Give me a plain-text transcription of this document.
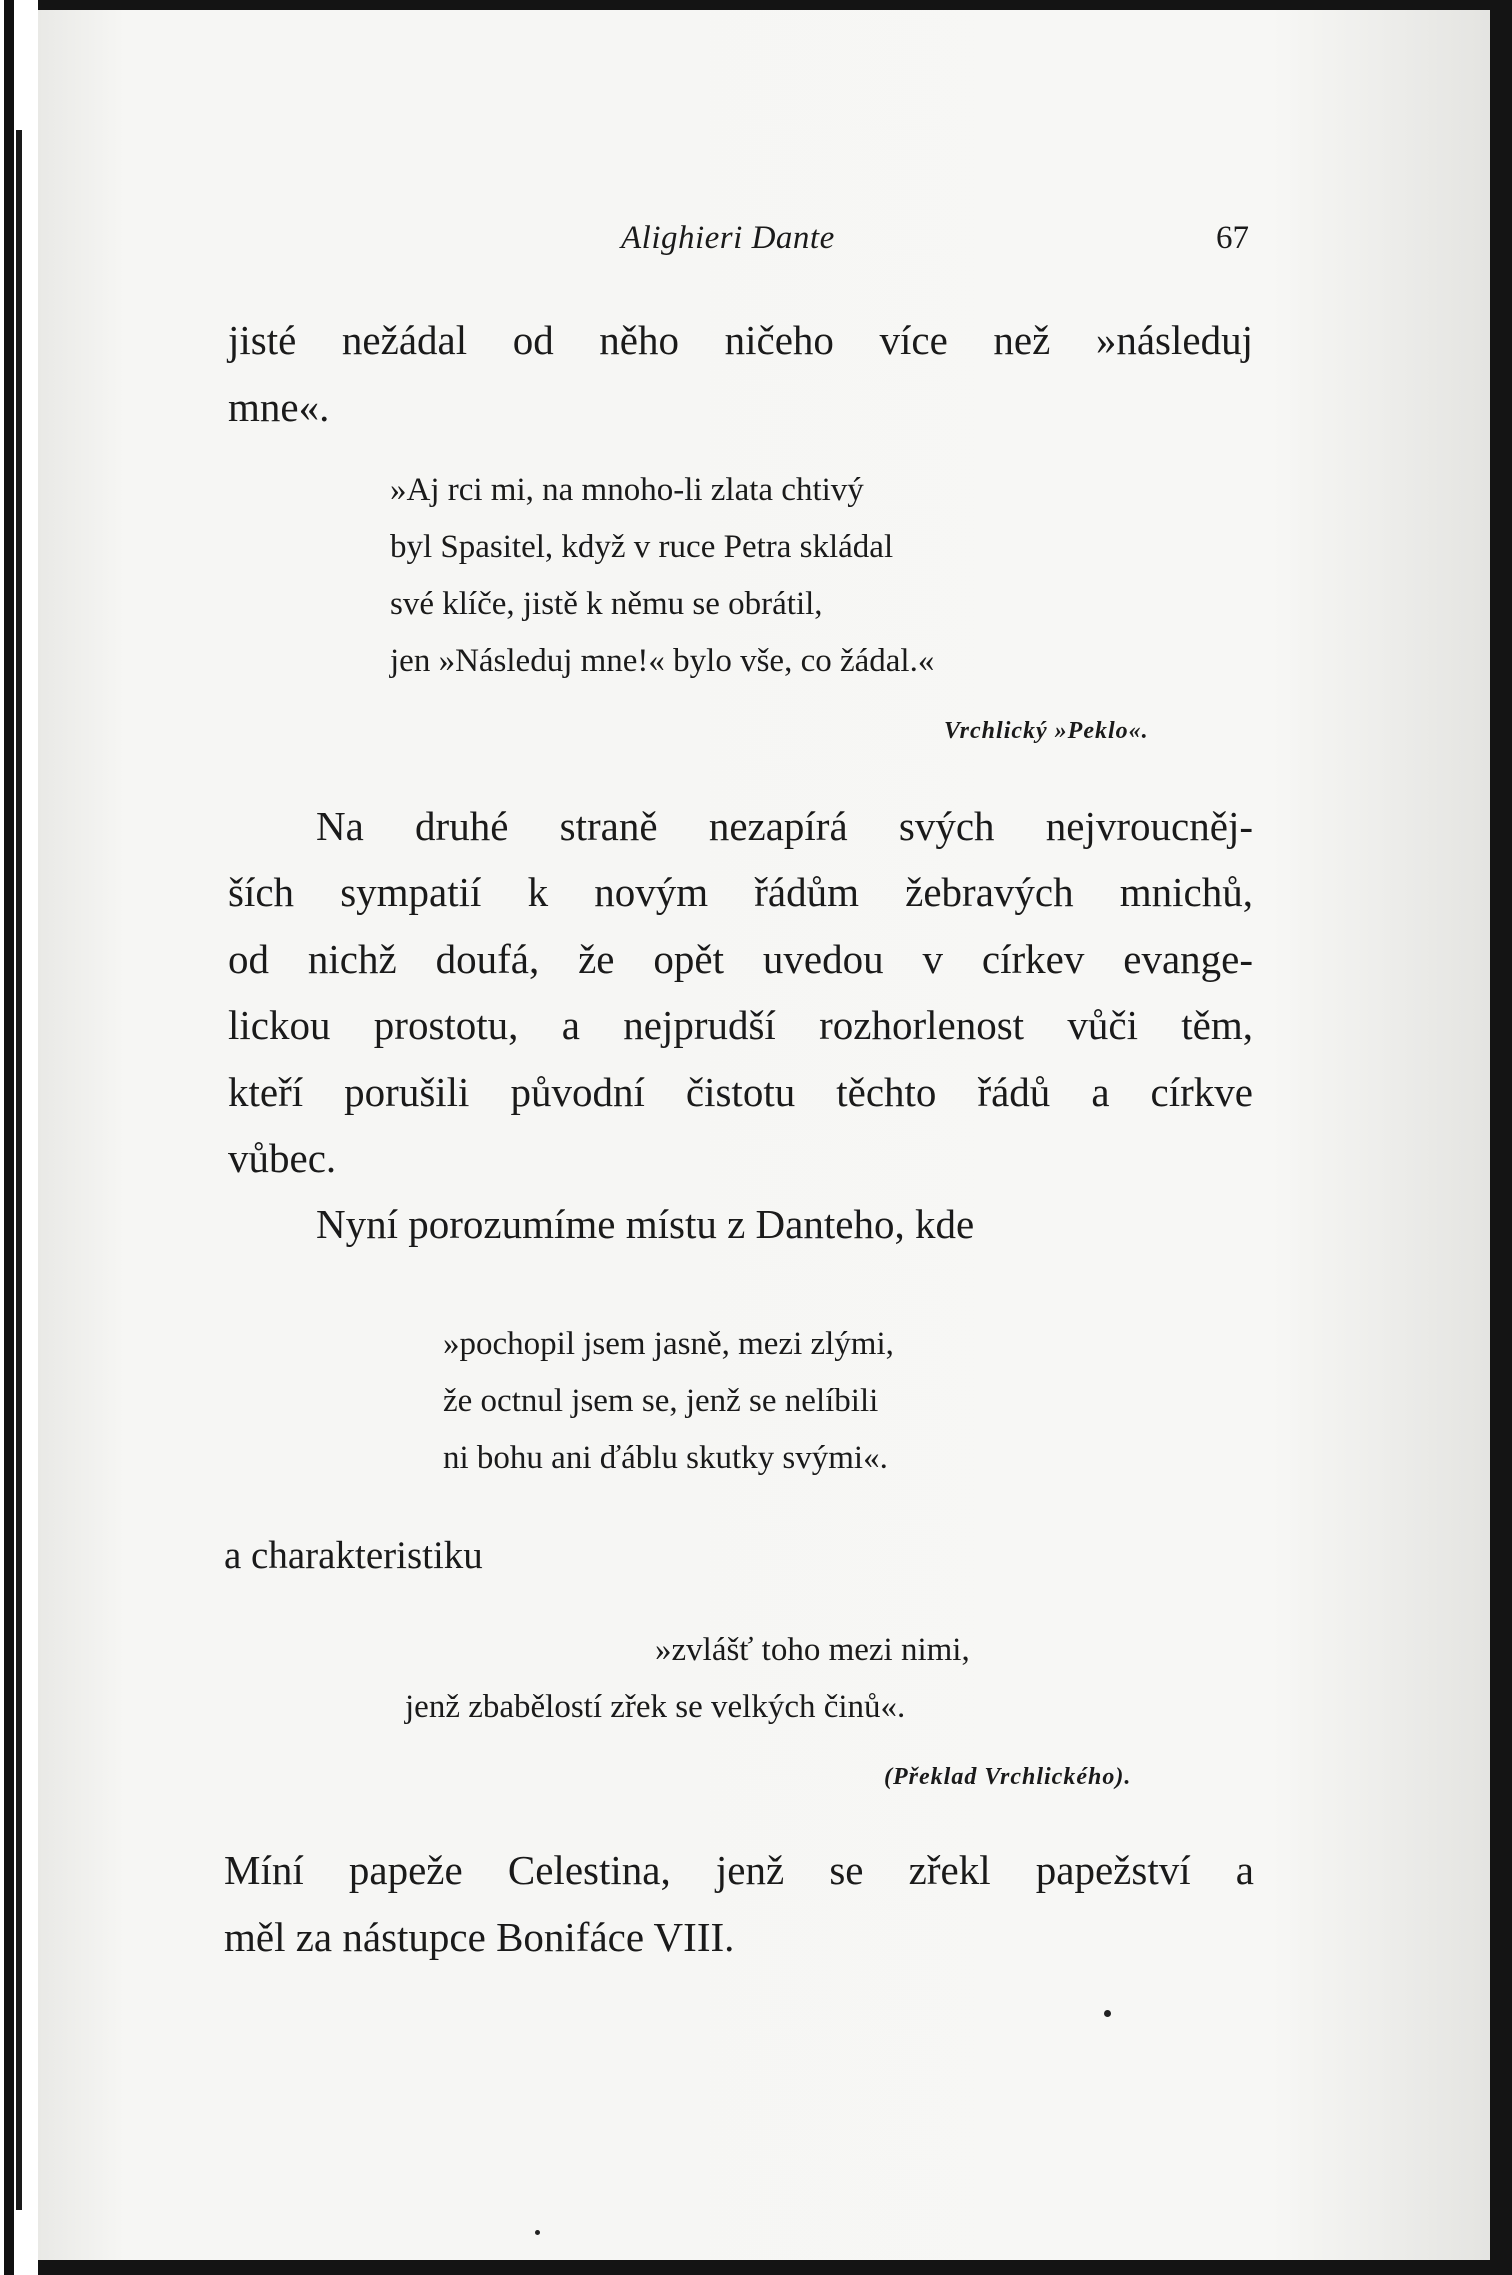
Alighieri Dante	67
jisté nežádal od něho ničeho více než »následuj
mne«.
»Aj rci mi, na mnoho-li zlata chtivý
byl Spasitel, když v ruce Petra skládal
své klíče, jistě k němu se obrátil,
jen »Následuj mne!« bylo vše, co žádal.«
Vrchlický »Peklo«.
Na druhé straně nezapírá svých nejvroucněj-
ších sympatií k novým řádům žebravých mnichů,
od nichž doufá, že opět uvedou v církev evange-
lickou prostotu, a nejprudší rozhorlenost vůči těm,
kteří porušili původní čistotu těchto řádů a církve
vůbec.
Nyní porozumíme místu z Danteho, kde
»pochopil jsem jasně, mezi zlými,
že octnul jsem se, jenž se nelíbili
ni bohu ani ďáblu skutky svými«.
a charakteristiku
»zvlášť toho mezi nimi,
jenž zbabělostí zřek se velkých činů«.
(Překlad Vrchlického).
Míní papeže Celestina, jenž se zřekl papežství a
měl za nástupce Bonifáce VIII.
